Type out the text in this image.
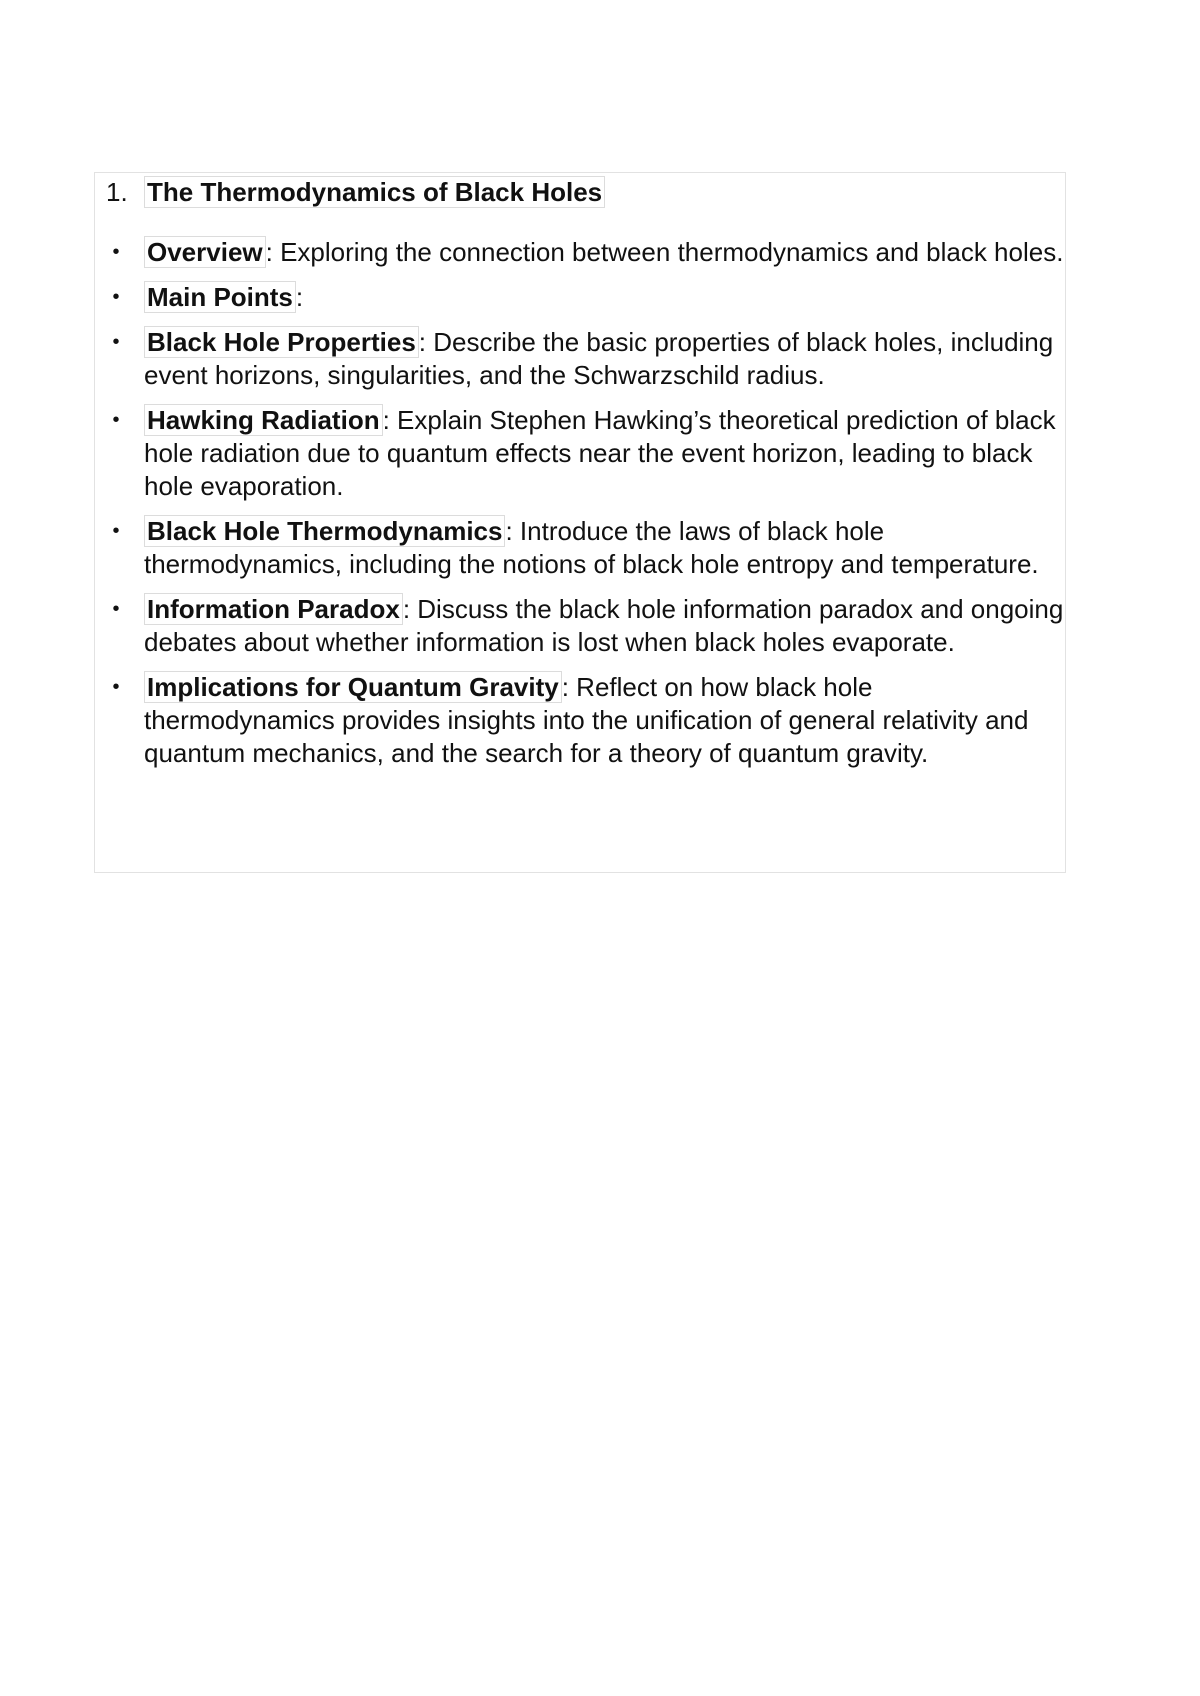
1. The Thermodynamics of Black Holes
• Overview : Exploring the connection between thermodynamics and black holes.
• Main Points :
• Black Hole Properties : Describe the basic properties of black holes, including event horizons, singularities, and the Schwarzschild radius.
• Hawking Radiation : Explain Stephen Hawking’s theoretical prediction of black hole radiation due to quantum effects near the event horizon, leading to black hole evaporation.
• Black Hole Thermodynamics : Introduce the laws of black hole thermodynamics, including the notions of black hole entropy and temperature.
• Information Paradox : Discuss the black hole information paradox and ongoing debates about whether information is lost when black holes evaporate.
• Implications for Quantum Gravity : Reflect on how black hole thermodynamics provides insights into the unification of general relativity and quantum mechanics, and the search for a theory of quantum gravity.
